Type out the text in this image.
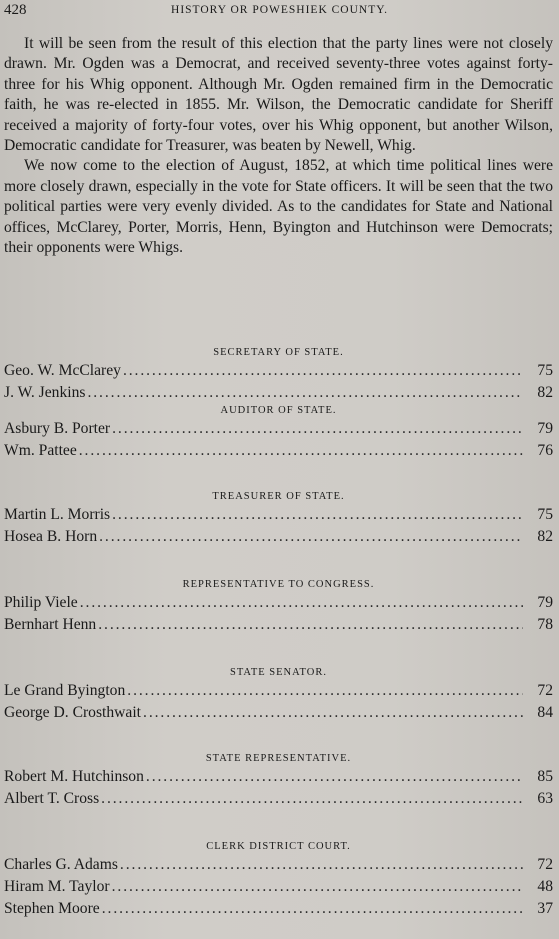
428	HISTORY OR POWESHIEK COUNTY.

It will be seen from the result of this election that the party lines were not closely drawn. Mr. Ogden was a Democrat, and received seventy-three votes against forty-three for his Whig opponent. Although Mr. Ogden remained firm in the Democratic faith, he was re-elected in 1855. Mr. Wilson, the Democratic candidate for Sheriff received a majority of forty-four votes, over his Whig opponent, but another Wilson, Democratic candidate for Treasurer, was beaten by Newell, Whig.

We now come to the election of August, 1852, at which time political lines were more closely drawn, especially in the vote for State officers. It will be seen that the two political parties were very evenly divided. As to the candidates for State and National offices, McClarey, Porter, Morris, Henn, Byington and Hutchinson were Democrats; their opponents were Whigs.

SECRETARY OF STATE.
Geo. W. McClarey . . .	75
J. W. Jenkins . . .	82
AUDITOR OF STATE.
Asbury B. Porter . . .	79
Wm. Pattee . . .	76
TREASURER OF STATE.
Martin L. Morris . . .	75
Hosea B. Horn . . .	82
REPRESENTATIVE TO CONGRESS.
Philip Viele . . .	79
Bernhart Henn . . .	78
STATE SENATOR.
Le Grand Byington . . .	72
George D. Crosthwait . . .	84
STATE REPRESENTATIVE.
Robert M. Hutchinson . . .	85
Albert T. Cross . . .	63
CLERK DISTRICT COURT.
Charles G. Adams . . .	72
Hiram M. Taylor . . .	48
Stephen Moore . . .	37
